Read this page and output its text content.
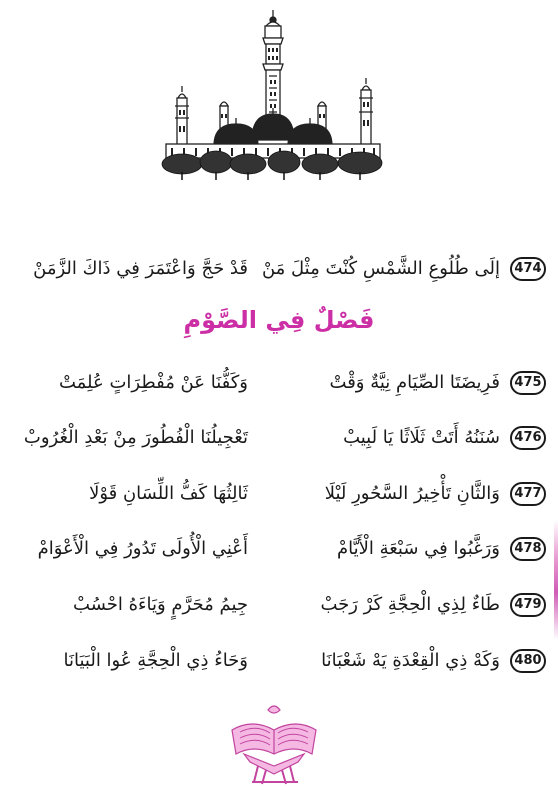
474
إلَى طُلُوعِ الشَّمْسِ كُنْتَ مِثْلَ مَنْ
قَدْ حَجَّ وَاعْتَمَرَ فِي ذَاكَ الزَّمَنْ
فَصْلٌ فِي الصَّوْمِ
475
فَرِيضَتَا الصِّيَامِ نِيَّةٌ وَقْتْ
وَكَفُّنَا عَنْ مُفْطِرَاتٍ عُلِمَتْ
476
سُنَنُهُ أَتَتْ ثَلَاثًا يَا لَبِيبْ
تَعْجِيلُنَا الْفُطُورَ مِنْ بَعْدِ الْغُرُوبْ
477
وَالثَّانِ تَأْخِيرُ السَّحُورِ لَيْلَا
ثَالِثُهَا كَفُّ اللِّسَانِ قَوْلَا
478
وَرَغَّبُوا فِي سَبْعَةِ الْأَيَّامْ
أَعْنِي الْأُولَى تَدُورُ فِي الْأَعْوَامْ
479
طَاءٌ لِذِي الْحِجَّةِ كَرْ رَجَبْ
جِيمُ مُحَرَّمٍ وَيَاءَهُ احْسُبْ
480
وَكَهْ ذِي الْقِعْدَةِ يَهْ شَعْبَانَا
وَحَاءُ ذِي الْحِجَّةِ عُوا الْبَيَانَا
